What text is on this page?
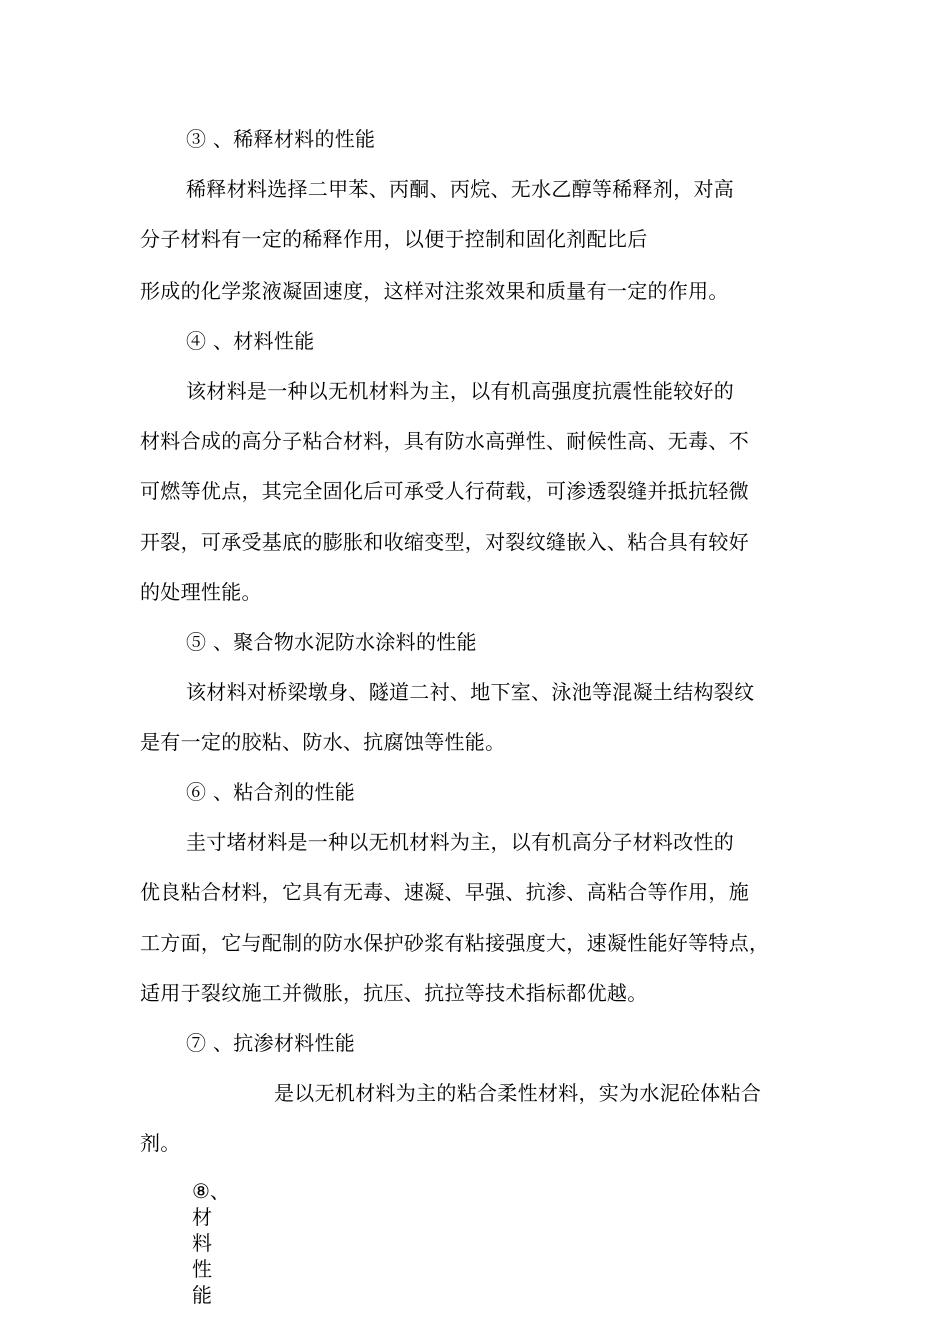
③ 、稀释材料的性能
稀释材料选择二甲苯、丙酮、丙烷、无水乙醇等稀释剂，对高
分子材料有一定的稀释作用，以便于控制和固化剂配比后
形成的化学浆液凝固速度，这样对注浆效果和质量有一定的作用。
④ 、材料性能
该材料是一种以无机材料为主，以有机高强度抗震性能较好的
材料合成的高分子粘合材料，具有防水高弹性、耐候性高、无毒、不
可燃等优点，其完全固化后可承受人行荷载，可渗透裂缝并抵抗轻微
开裂，可承受基底的膨胀和收缩变型，对裂纹缝嵌入、粘合具有较好
的处理性能。
⑤ 、聚合物水泥防水涂料的性能
该材料对桥梁墩身、隧道二衬、地下室、泳池等混凝土结构裂纹
是有一定的胶粘、防水、抗腐蚀等性能。
⑥ 、粘合剂的性能
圭寸堵材料是一种以无机材料为主，以有机高分子材料改性的
优良粘合材料，它具有无毒、速凝、早强、抗渗、高粘合等作用，施
工方面，它与配制的防水保护砂浆有粘接强度大，速凝性能好等特点，
适用于裂纹施工并微胀，抗压、抗拉等技术指标都优越。
⑦ 、抗渗材料性能
是以无机材料为主的粘合柔性材料，实为水泥砼体粘合
剂。
⑧、
材
料
性
能
